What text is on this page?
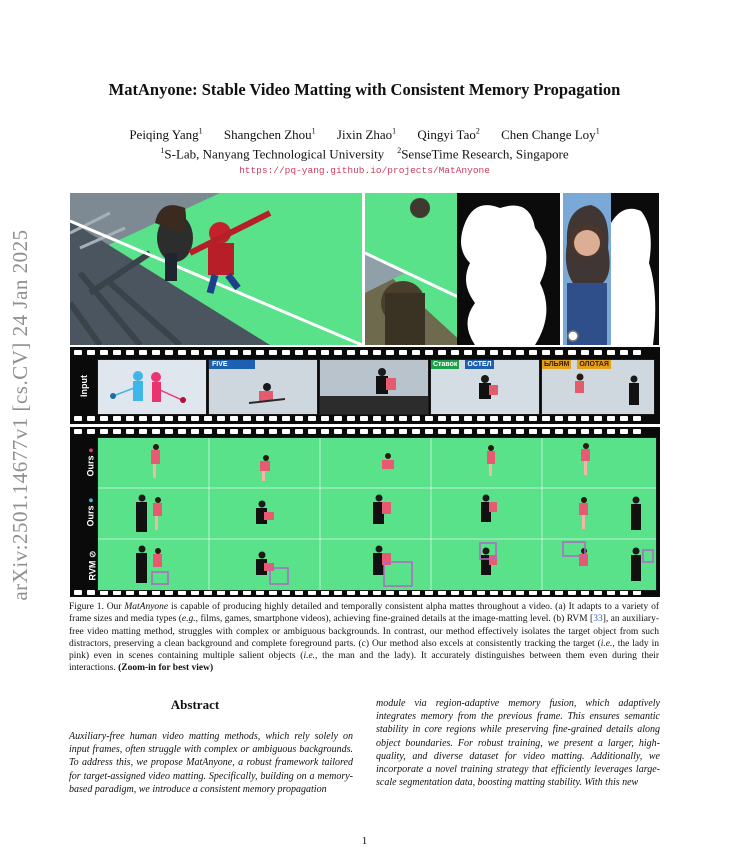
arXiv:2501.14677v1 [cs.CV] 24 Jan 2025
MatAnyone: Stable Video Matting with Consistent Memory Propagation
Peiqing Yang$^1$ Shangchen Zhou$^1$ Jixin Zhao$^1$ Qingyi Tao$^2$ Chen Change Loy$^1$
$^1$S-Lab, Nanyang Technological University $^2$SenseTime Research, Singapore
https://pq-yang.github.io/projects/MatAnyone
Input
FIVE	Ставок ОСТЕЛ	ЬЛЬЯМ ОЛОТАЯ
Ours ●
Ours ●
RVM ⊘
Figure 1. Our MatAnyone is capable of producing highly detailed and temporally consistent alpha mattes throughout a video. (a) It adapts to a variety of frame sizes and media types (e.g., films, games, smartphone videos), achieving fine-grained details at the image-matting level. (b) RVM [33], an auxiliary-free video matting method, struggles with complex or ambiguous backgrounds. In contrast, our method effectively isolates the target object from such distractors, preserving a clean background and complete foreground parts. (c) Our method also excels at consistently tracking the target (i.e., the lady in pink) even in scenes containing multiple salient objects (i.e., the man and the lady). It accurately distinguishes between them even during their interactions. (Zoom-in for best view)
Abstract
Auxiliary-free human video matting methods, which rely solely on input frames, often struggle with complex or ambiguous backgrounds. To address this, we propose MatAnyone, a robust framework tailored for target-assigned video matting. Specifically, building on a memory-based paradigm, we introduce a consistent memory propagation
module via region-adaptive memory fusion, which adaptively integrates memory from the previous frame. This ensures semantic stability in core regions while preserving fine-grained details along object boundaries. For robust training, we present a larger, high-quality, and diverse dataset for video matting. Additionally, we incorporate a novel training strategy that efficiently leverages large-scale segmentation data, boosting matting stability. With this new
1
